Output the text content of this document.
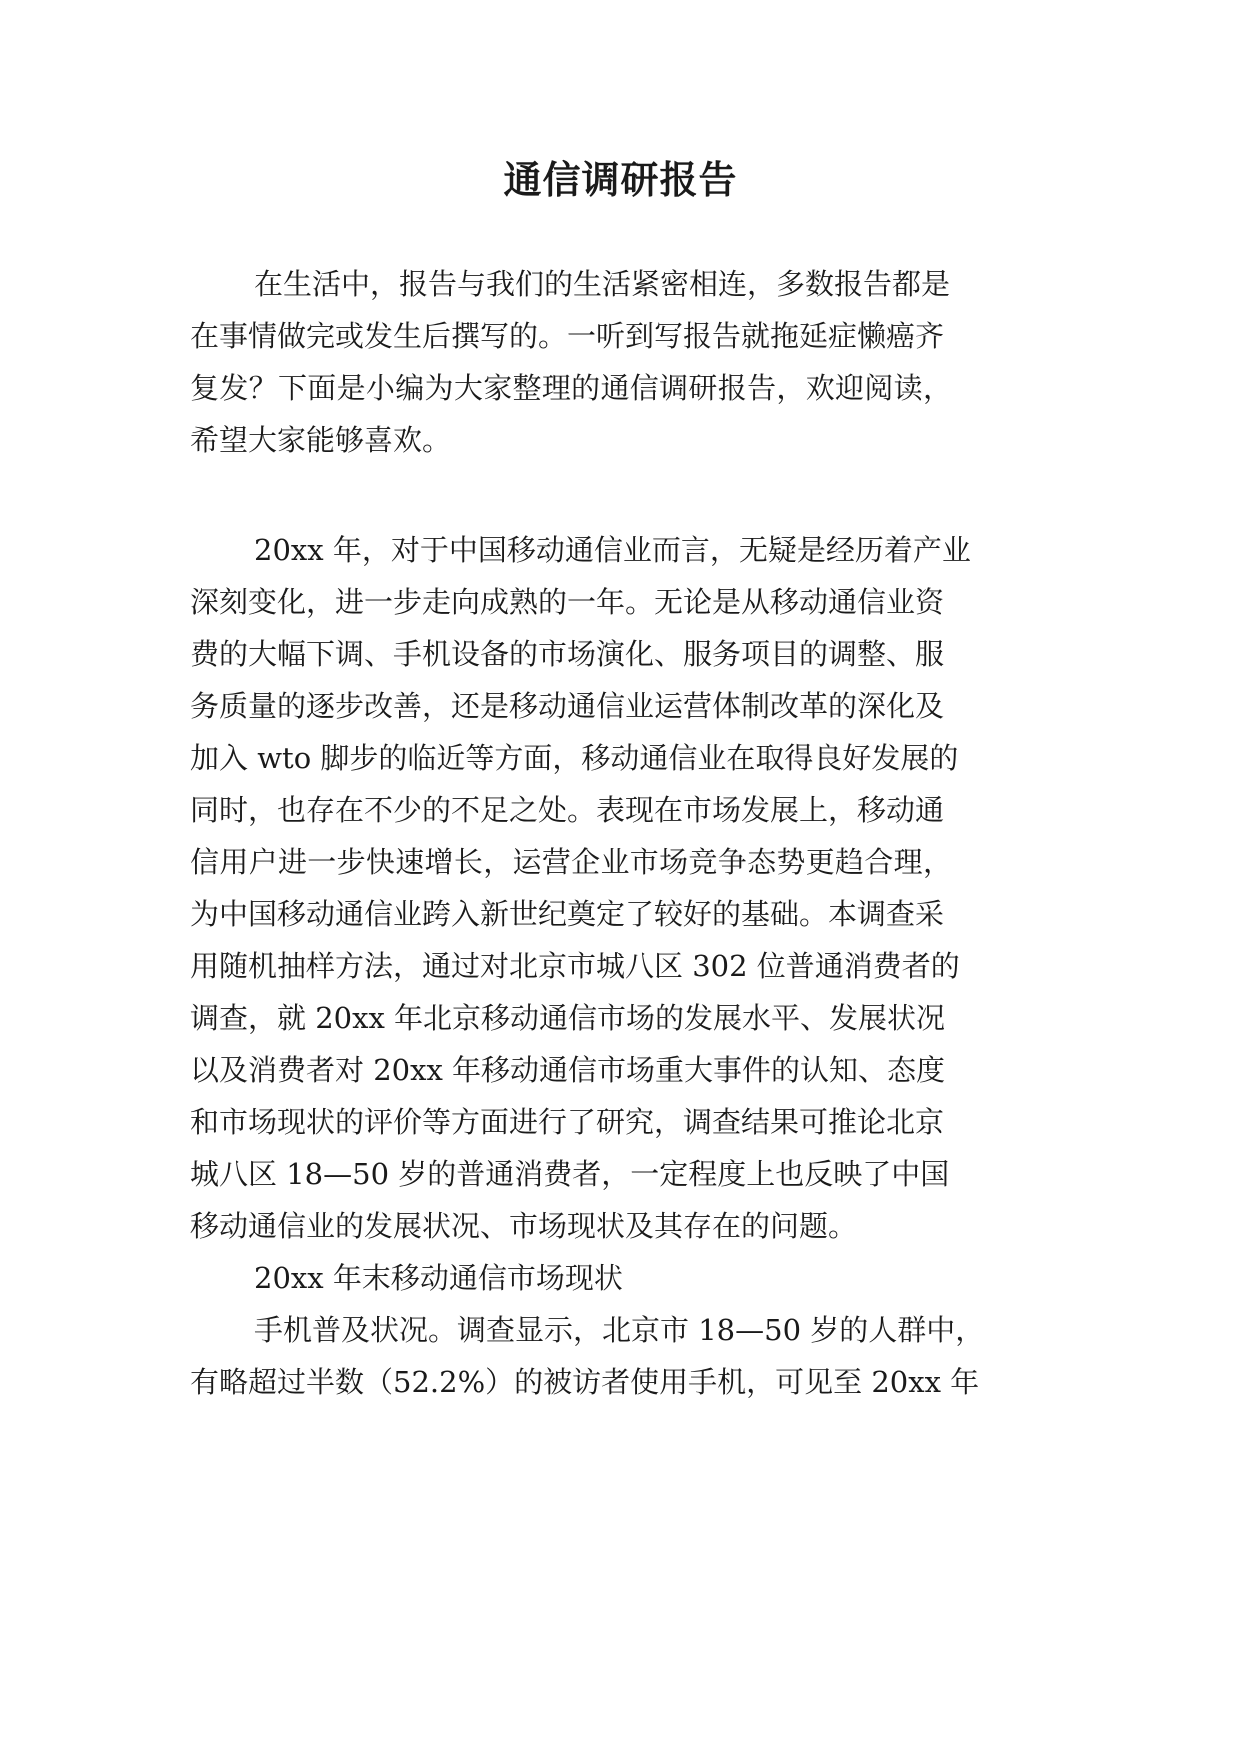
通信调研报告

在生活中，报告与我们的生活紧密相连，多数报告都是

在事情做完或发生后撰写的。一听到写报告就拖延症懒癌齐

复发？下面是小编为大家整理的通信调研报告，欢迎阅读，

希望大家能够喜欢。

20xx 年，对于中国移动通信业而言，无疑是经历着产业

深刻变化，进一步走向成熟的一年。无论是从移动通信业资

费的大幅下调、手机设备的市场演化、服务项目的调整、服

务质量的逐步改善，还是移动通信业运营体制改革的深化及

加入 wto 脚步的临近等方面，移动通信业在取得良好发展的

同时，也存在不少的不足之处。表现在市场发展上，移动通

信用户进一步快速增长，运营企业市场竞争态势更趋合理，

为中国移动通信业跨入新世纪奠定了较好的基础。本调查采

用随机抽样方法，通过对北京市城八区 302 位普通消费者的

调查，就 20xx 年北京移动通信市场的发展水平、发展状况

以及消费者对 20xx 年移动通信市场重大事件的认知、态度

和市场现状的评价等方面进行了研究，调查结果可推论北京

城八区 18—50 岁的普通消费者，一定程度上也反映了中国

移动通信业的发展状况、市场现状及其存在的问题。

20xx 年末移动通信市场现状

手机普及状况。调查显示，北京市 18—50 岁的人群中，

有略超过半数（52.2%）的被访者使用手机，可见至 20xx 年
